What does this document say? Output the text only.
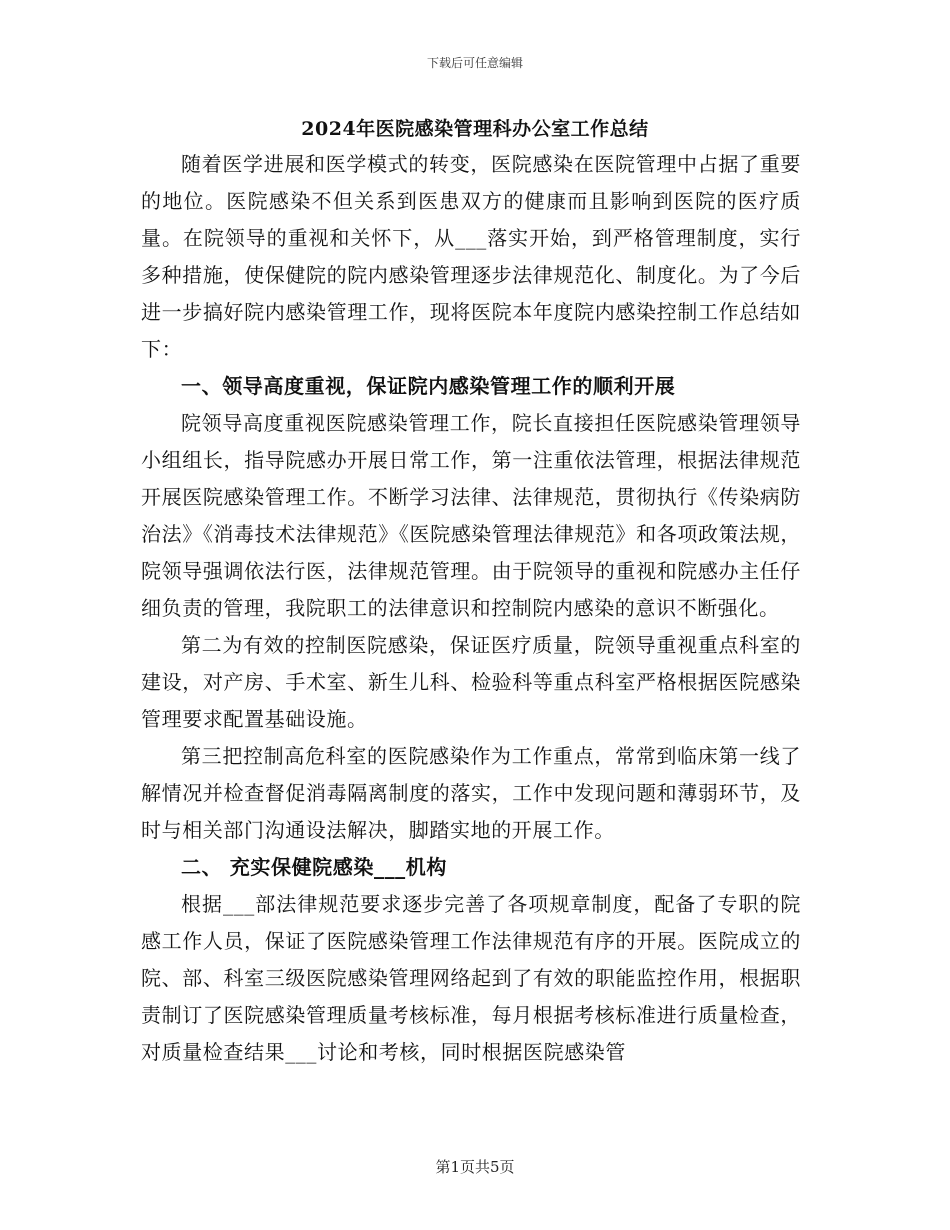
下载后可任意编辑
2024年医院感染管理科办公室工作总结

随着医学进展和医学模式的转变，医院感染在医院管理中占据了重要的地位。医院感染不但关系到医患双方的健康而且影响到医院的医疗质量。在院领导的重视和关怀下，从___落实开始，到严格管理制度，实行多种措施，使保健院的院内感染管理逐步法律规范化、制度化。为了今后进一步搞好院内感染管理工作，现将医院本年度院内感染控制工作总结如下：

一、领导高度重视，保证院内感染管理工作的顺利开展

院领导高度重视医院感染管理工作，院长直接担任医院感染管理领导小组组长，指导院感办开展日常工作，第一注重依法管理，根据法律规范开展医院感染管理工作。不断学习法律、法律规范，贯彻执行《传染病防治法》《消毒技术法律规范》《医院感染管理法律规范》和各项政策法规，院领导强调依法行医，法律规范管理。由于院领导的重视和院感办主任仔细负责的管理，我院职工的法律意识和控制院内感染的意识不断强化。

第二为有效的控制医院感染，保证医疗质量，院领导重视重点科室的建设，对产房、手术室、新生儿科、检验科等重点科室严格根据医院感染管理要求配置基础设施。

第三把控制高危科室的医院感染作为工作重点，常常到临床第一线了解情况并检查督促消毒隔离制度的落实，工作中发现问题和薄弱环节，及时与相关部门沟通设法解决，脚踏实地的开展工作。

二、 充实保健院感染___机构

根据___部法律规范要求逐步完善了各项规章制度，配备了专职的院感工作人员，保证了医院感染管理工作法律规范有序的开展。医院成立的院、部、科室三级医院感染管理网络起到了有效的职能监控作用，根据职责制订了医院感染管理质量考核标准，每月根据考核标准进行质量检查，对质量检查结果___讨论和考核，同时根据医院感染管

第1页共5页
